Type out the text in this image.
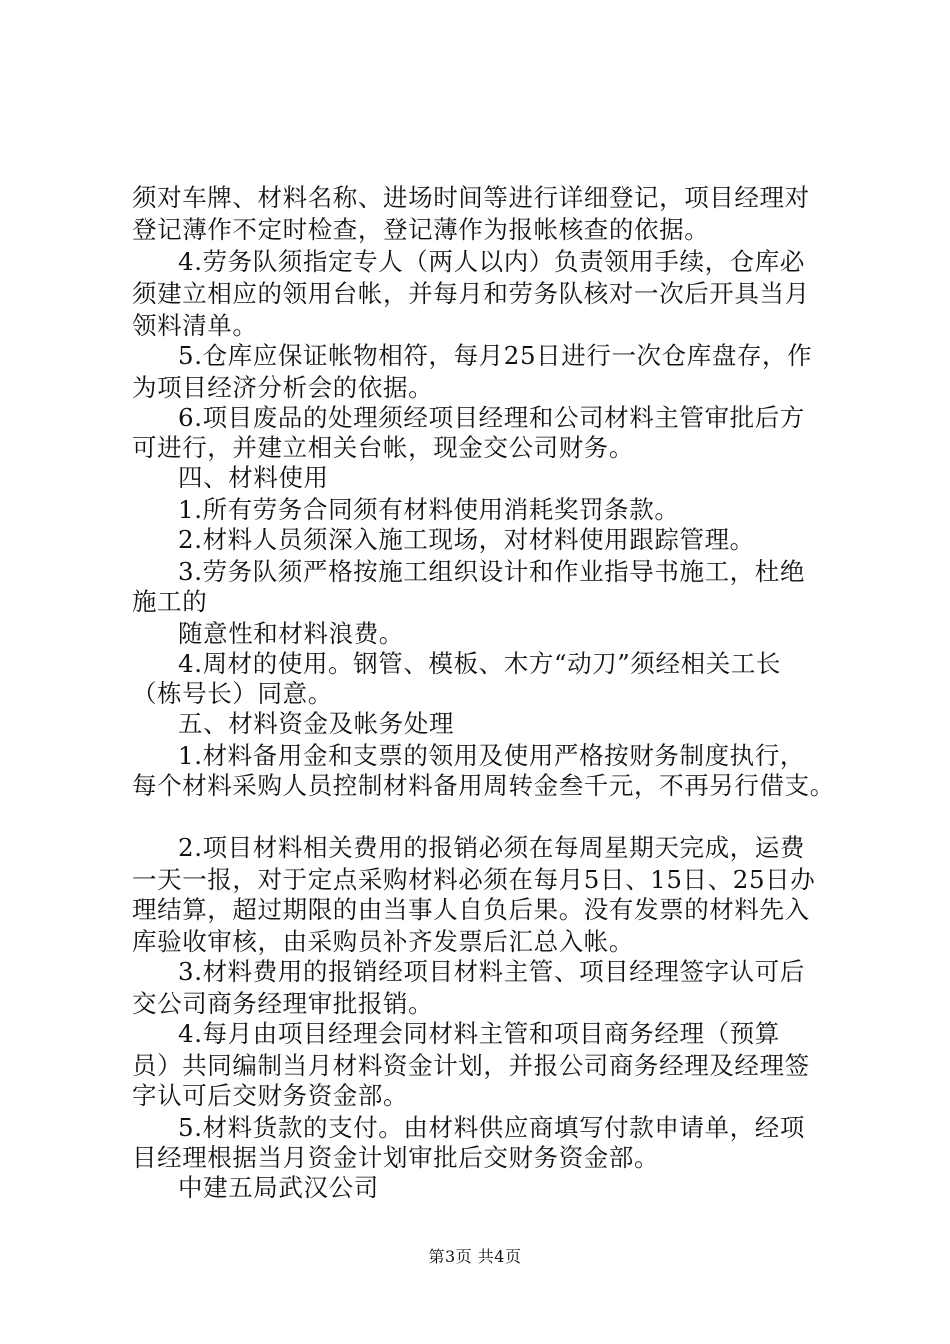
须对车牌、材料名称、进场时间等进行详细登记，项目经理对
登记薄作不定时检查，登记薄作为报帐核查的依据。
4.劳务队须指定专人（两人以内）负责领用手续，仓库必
须建立相应的领用台帐，并每月和劳务队核对一次后开具当月
领料清单。
5.仓库应保证帐物相符，每月25日进行一次仓库盘存，作
为项目经济分析会的依据。
6.项目废品的处理须经项目经理和公司材料主管审批后方
可进行，并建立相关台帐，现金交公司财务。
四、材料使用
1.所有劳务合同须有材料使用消耗奖罚条款。
2.材料人员须深入施工现场，对材料使用跟踪管理。
3.劳务队须严格按施工组织设计和作业指导书施工，杜绝
施工的
随意性和材料浪费。
4.周材的使用。钢管、模板、木方“动刀”须经相关工长
（栋号长）同意。
五、材料资金及帐务处理
1.材料备用金和支票的领用及使用严格按财务制度执行，
每个材料采购人员控制材料备用周转金叁千元，不再另行借支。
2.项目材料相关费用的报销必须在每周星期天完成，运费
一天一报，对于定点采购材料必须在每月5日、15日、25日办
理结算，超过期限的由当事人自负后果。没有发票的材料先入
库验收审核，由采购员补齐发票后汇总入帐。
3.材料费用的报销经项目材料主管、项目经理签字认可后
交公司商务经理审批报销。
4.每月由项目经理会同材料主管和项目商务经理（预算
员）共同编制当月材料资金计划，并报公司商务经理及经理签
字认可后交财务资金部。
5.材料货款的支付。由材料供应商填写付款申请单，经项
目经理根据当月资金计划审批后交财务资金部。
中建五局武汉公司
第3页 共4页
